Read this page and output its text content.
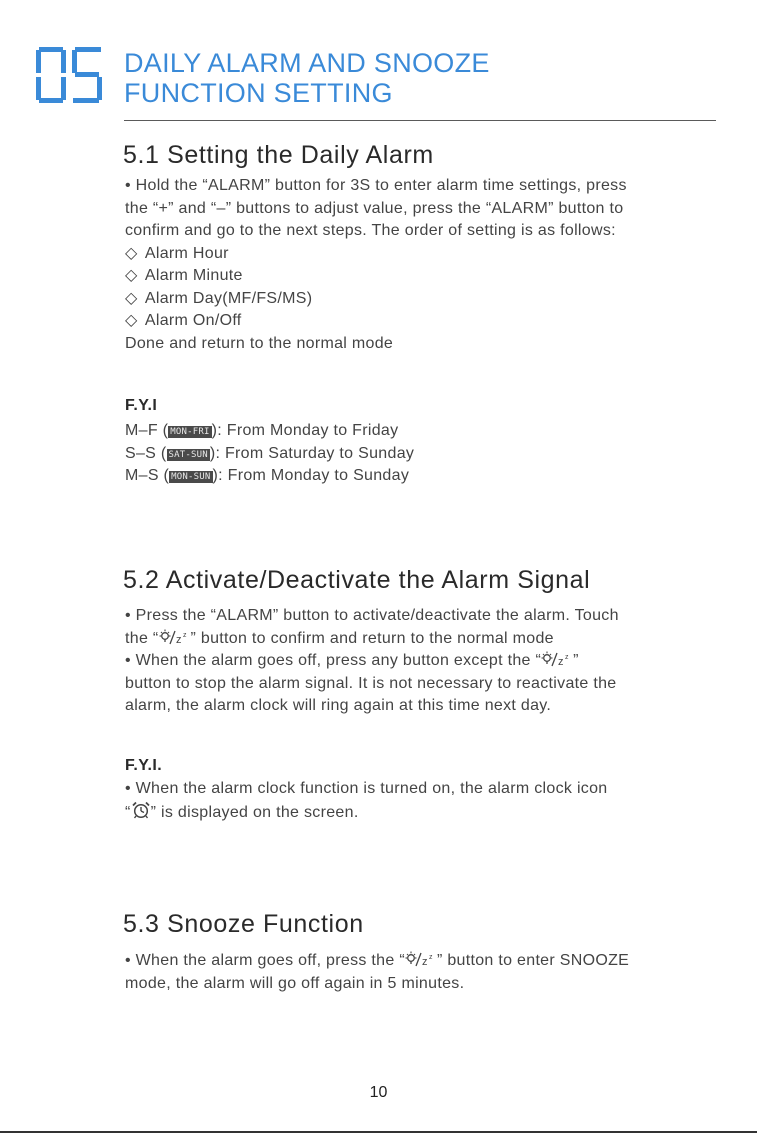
DAILY ALARM AND SNOOZE
FUNCTION SETTING
5.1 Setting the Daily Alarm
• Hold the “ALARM” button for 3S to enter alarm time settings, press
the “+” and “–” buttons to adjust value, press the “ALARM” button to
confirm and go to the next steps. The order of setting is as follows:
◇ Alarm Hour
◇ Alarm Minute
◇ Alarm Day(MF/FS/MS)
◇ Alarm On/Off
Done and return to the normal mode
F.Y.I
M–F ( MON-FRI ): From Monday to Friday
S–S ( SAT-SUN ): From Saturday to Sunday
M–S ( MON-SUN ): From Monday to Sunday
5.2 Activate/Deactivate the Alarm Signal
• Press the “ALARM” button to activate/deactivate the alarm. Touch
the “ z z ” button to confirm and return to the normal mode
• When the alarm goes off, press any button except the “ z z ”
button to stop the alarm signal. It is not necessary to reactivate the
alarm, the alarm clock will ring again at this time next day.
F.Y.I.
• When the alarm clock function is turned on, the alarm clock icon
“ ” is displayed on the screen.
5.3 Snooze Function
• When the alarm goes off, press the “ z z ” button to enter SNOOZE
mode, the alarm will go off again in 5 minutes.
10
